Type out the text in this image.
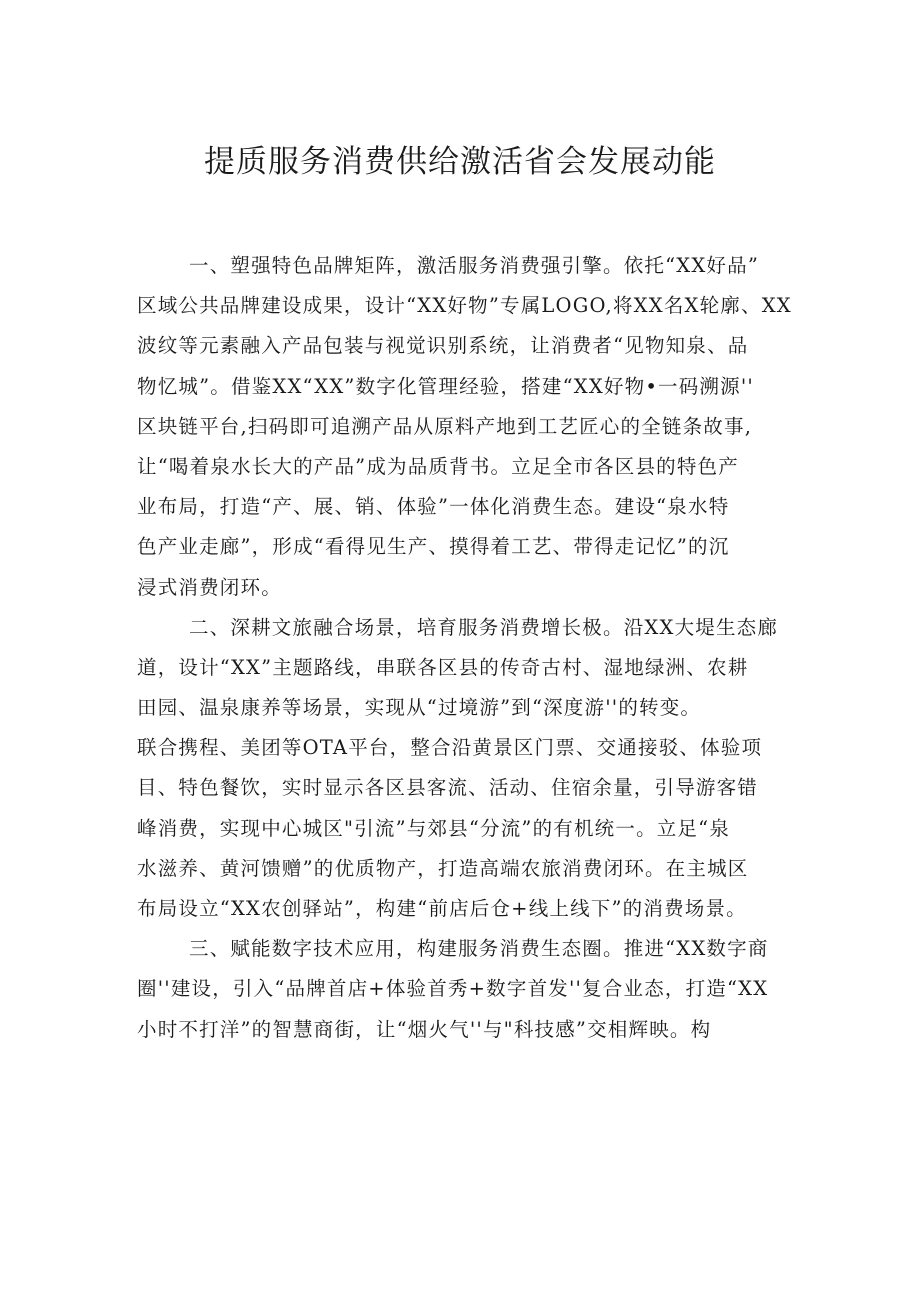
提质服务消费供给激活省会发展动能
一、塑强特色品牌矩阵，激活服务消费强引擎。依托“XX好品”
区域公共品牌建设成果，设计“XX好物”专属LOGO,将XX名X轮廓、XX
波纹等元素融入产品包装与视觉识别系统，让消费者“见物知泉、品
物忆城”。借鉴XX“XX”数字化管理经验，搭建“XX好物•一码溯源''
区块链平台,扫码即可追溯产品从原料产地到工艺匠心的全链条故事,
让“喝着泉水长大的产品”成为品质背书。立足全市各区县的特色产
业布局，打造“产、展、销、体验”一体化消费生态。建设“泉水特
色产业走廊”，形成“看得见生产、摸得着工艺、带得走记忆”的沉
浸式消费闭环。
二、深耕文旅融合场景，培育服务消费增长极。沿XX大堤生态廊
道，设计“XX”主题路线，串联各区县的传奇古村、湿地绿洲、农耕
田园、温泉康养等场景，实现从“过境游”到“深度游''的转变。
联合携程、美团等OTA平台，整合沿黄景区门票、交通接驳、体验项
目、特色餐饮，实时显示各区县客流、活动、住宿余量，引导游客错
峰消费，实现中心城区"引流”与郊县“分流”的有机统一。立足“泉
水滋养、黄河馈赠”的优质物产，打造高端农旅消费闭环。在主城区
布局设立“XX农创驿站”，构建“前店后仓+线上线下”的消费场景。
三、赋能数字技术应用，构建服务消费生态圈。推进“XX数字商
圈''建设，引入“品牌首店+体验首秀+数字首发''复合业态，打造“XX
小时不打洋”的智慧商街，让“烟火气''与"科技感”交相辉映。构
